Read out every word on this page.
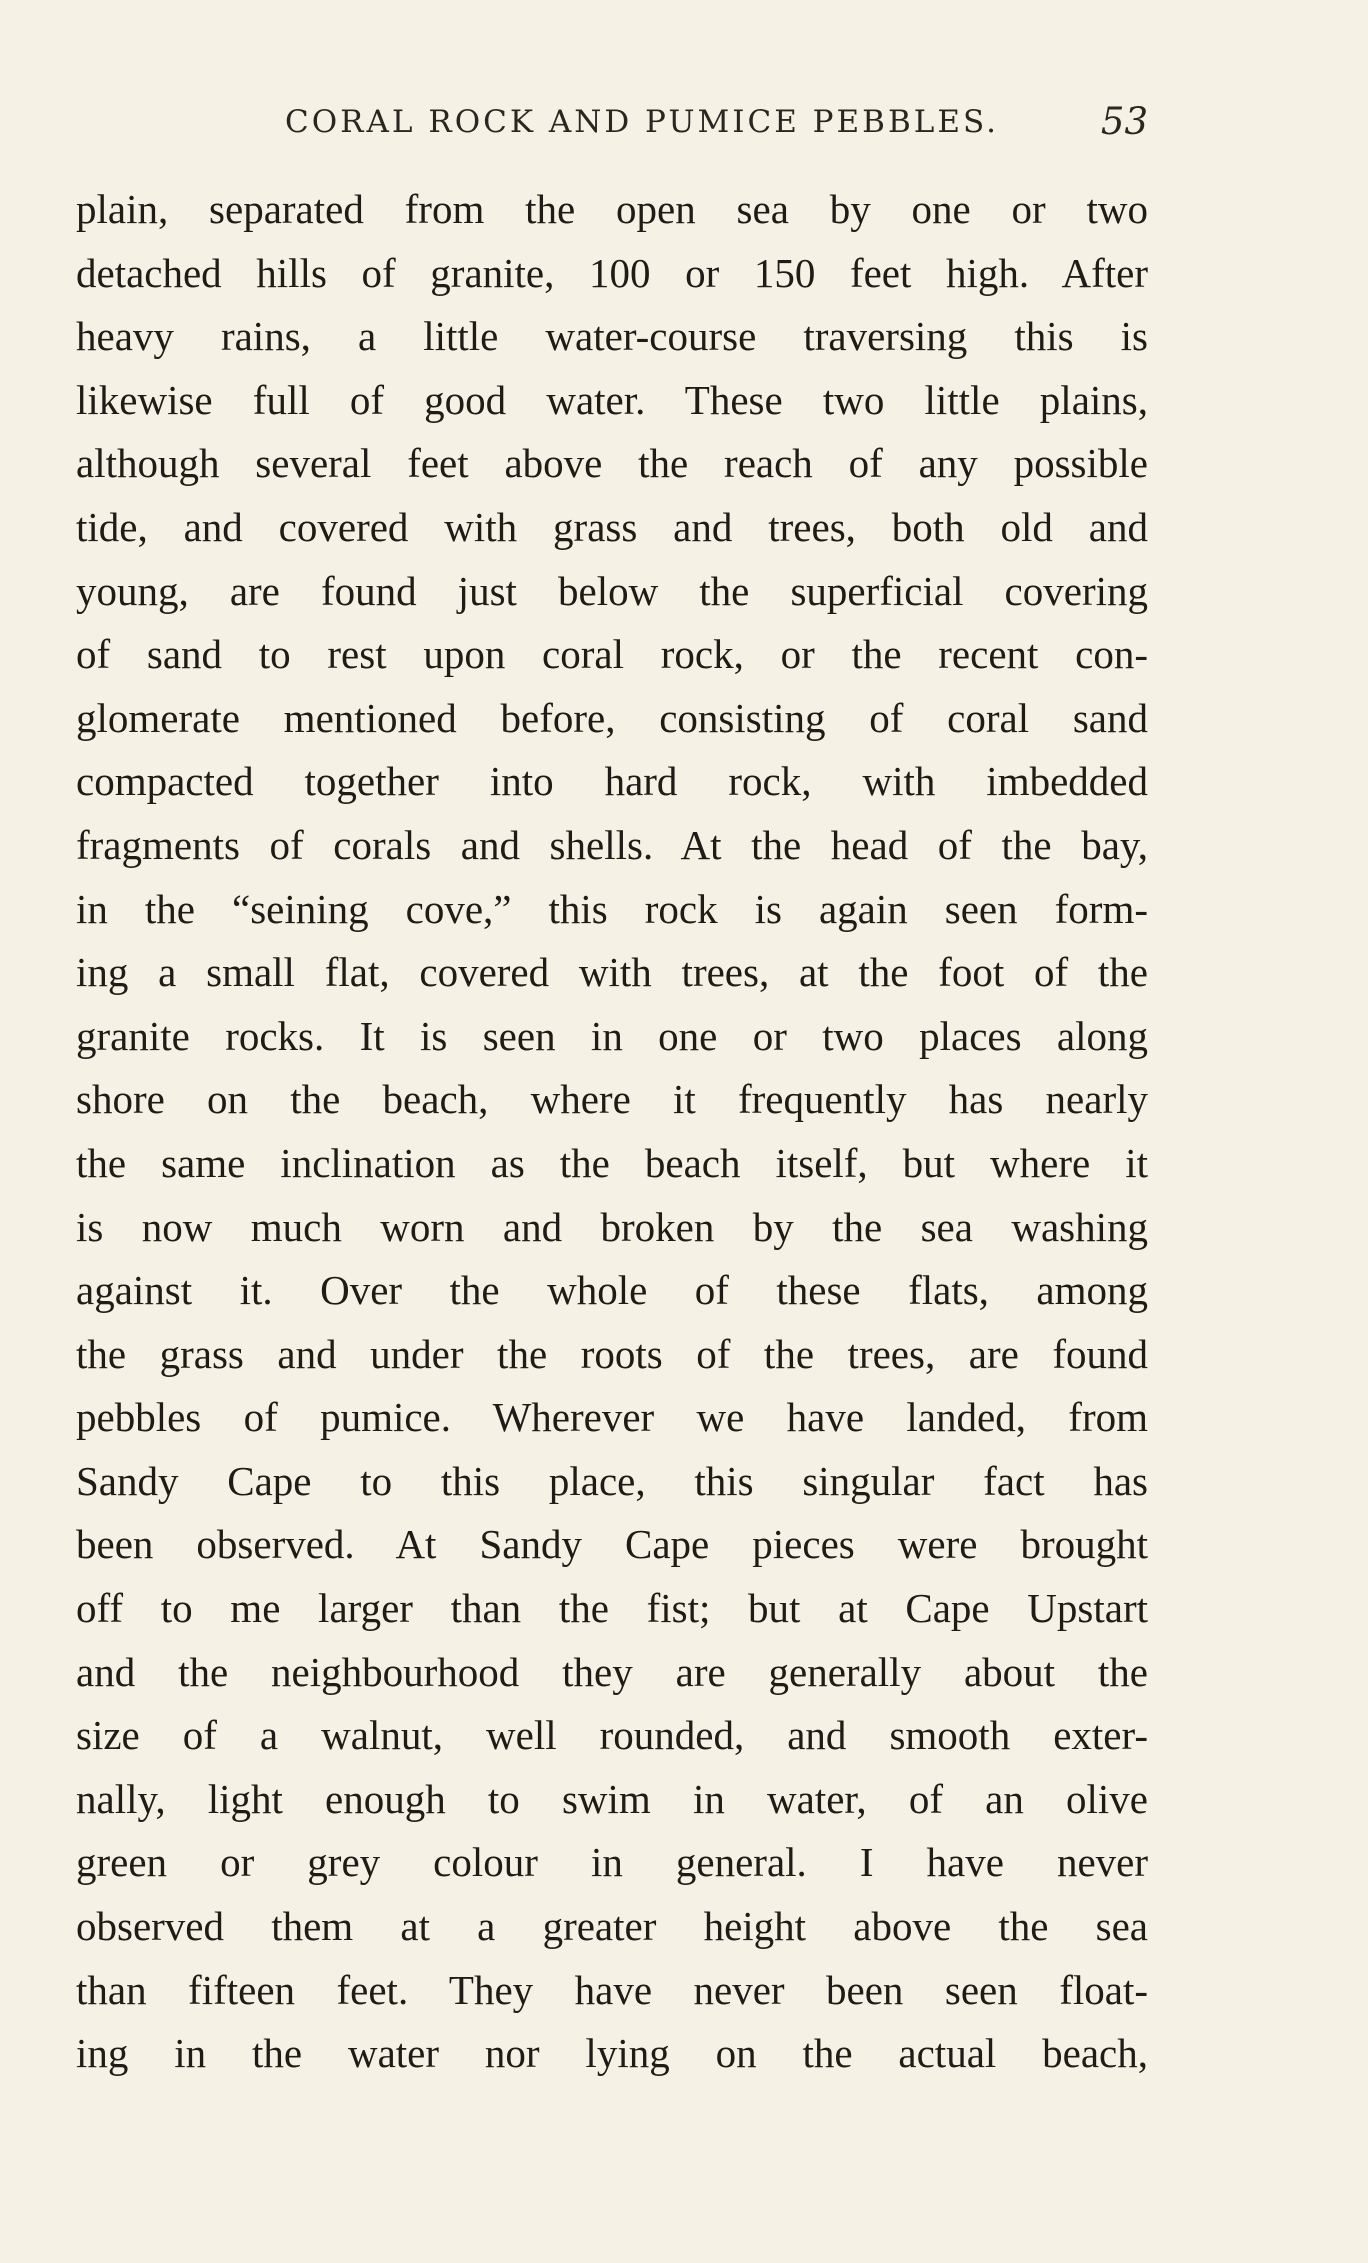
CORAL ROCK AND PUMICE PEBBLES.	53
plain, separated from the open sea by one or two
detached hills of granite, 100 or 150 feet high. After
heavy rains, a little water-course traversing this is
likewise full of good water. These two little plains,
although several feet above the reach of any possible
tide, and covered with grass and trees, both old and
young, are found just below the superficial covering
of sand to rest upon coral rock, or the recent con-
glomerate mentioned before, consisting of coral sand
compacted together into hard rock, with imbedded
fragments of corals and shells. At the head of the bay,
in the “seining cove,” this rock is again seen form-
ing a small flat, covered with trees, at the foot of the
granite rocks. It is seen in one or two places along
shore on the beach, where it frequently has nearly
the same inclination as the beach itself, but where it
is now much worn and broken by the sea washing
against it. Over the whole of these flats, among
the grass and under the roots of the trees, are found
pebbles of pumice. Wherever we have landed, from
Sandy Cape to this place, this singular fact has
been observed. At Sandy Cape pieces were brought
off to me larger than the fist; but at Cape Upstart
and the neighbourhood they are generally about the
size of a walnut, well rounded, and smooth exter-
nally, light enough to swim in water, of an olive
green or grey colour in general. I have never
observed them at a greater height above the sea
than fifteen feet. They have never been seen float-
ing in the water nor lying on the actual beach,
